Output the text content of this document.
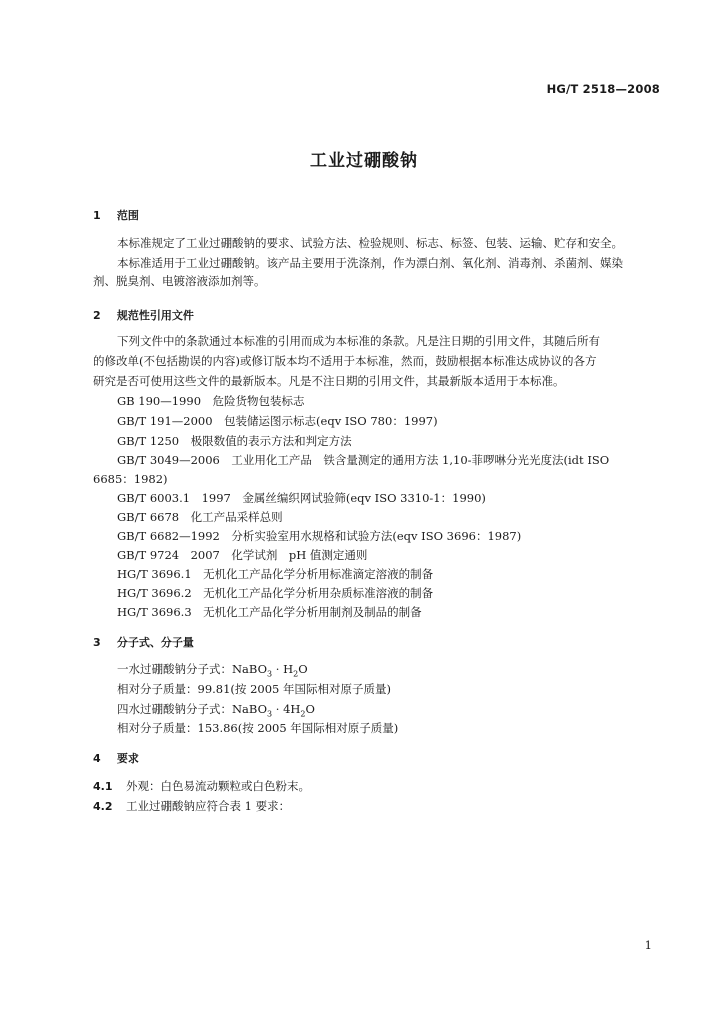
HG/T 2518—2008
工业过硼酸钠
1 范围
本标准规定了工业过硼酸钠的要求、试验方法、检验规则、标志、标签、包装、运输、贮存和安全。
本标准适用于工业过硼酸钠。该产品主要用于洗涤剂，作为漂白剂、氧化剂、消毒剂、杀菌剂、媒染
剂、脱臭剂、电镀溶液添加剂等。
2 规范性引用文件
下列文件中的条款通过本标准的引用而成为本标准的条款。凡是注日期的引用文件，其随后所有
的修改单(不包括勘误的内容)或修订版本均不适用于本标准，然而，鼓励根据本标准达成协议的各方
研究是否可使用这些文件的最新版本。凡是不注日期的引用文件，其最新版本适用于本标准。
GB 190—1990　危险货物包装标志
GB/T 191—2000　包装储运图示标志(eqv ISO 780：1997)
GB/T 1250　极限数值的表示方法和判定方法
GB/T 3049—2006　工业用化工产品　铁含量测定的通用方法 1,10-菲啰啉分光光度法(idt ISO
6685：1982)
GB/T 6003.1　1997　金属丝编织网试验筛(eqv ISO 3310-1：1990)
GB/T 6678　化工产品采样总则
GB/T 6682—1992　分析实验室用水规格和试验方法(eqv ISO 3696：1987)
GB/T 9724　2007　化学试剂　pH 值测定通则
HG/T 3696.1　无机化工产品化学分析用标准滴定溶液的制备
HG/T 3696.2　无机化工产品化学分析用杂质标准溶液的制备
HG/T 3696.3　无机化工产品化学分析用制剂及制品的制备
3 分子式、分子量
一水过硼酸钠分子式：NaBO$_3$ · $H_2O$
相对分子质量：99.81(按 2005 年国际相对原子质量)
四水过硼酸钠分子式：NaBO$_3$ · $4H_2O$
相对分子质量：153.86(按 2005 年国际相对原子质量)
4 要求
4.1 外观：白色易流动颗粒或白色粉末。
4.2 工业过硼酸钠应符合表 1 要求：
1
